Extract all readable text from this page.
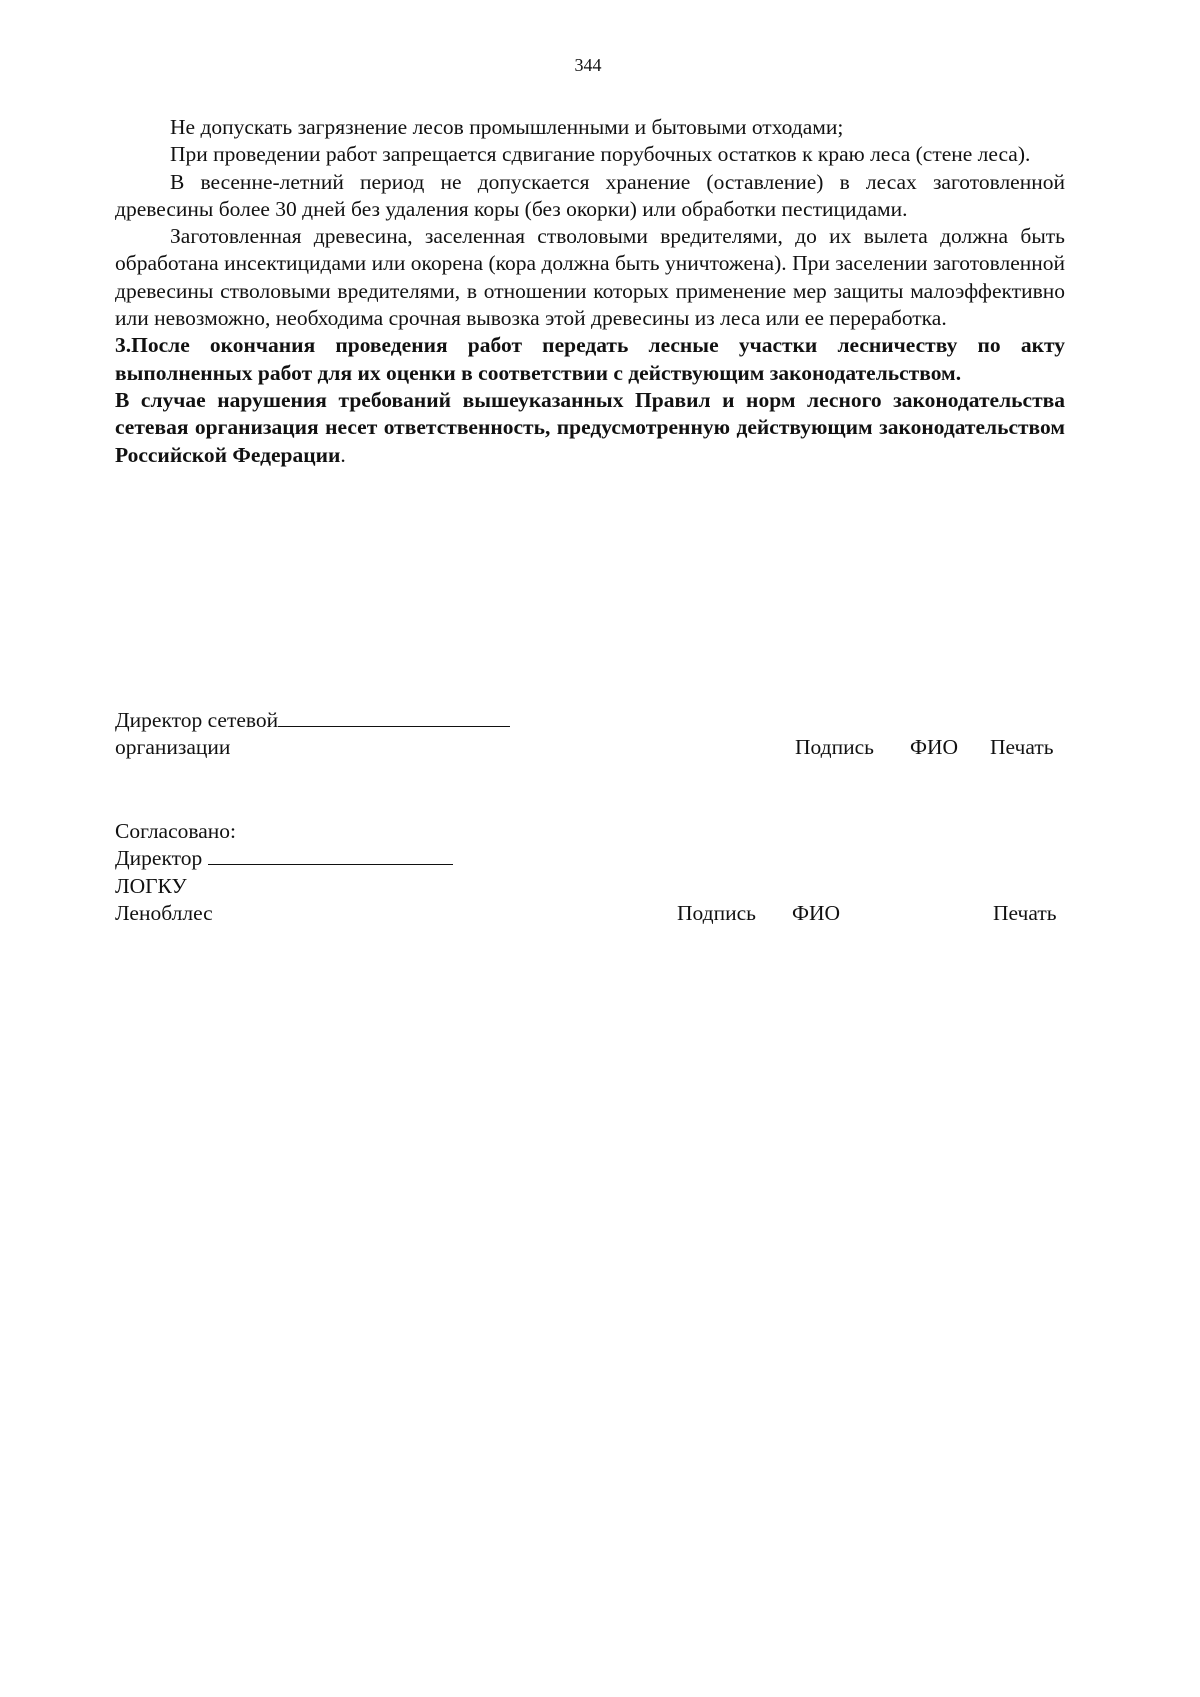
344

Не допускать загрязнение лесов промышленными и бытовыми отходами;

При проведении работ запрещается сдвигание порубочных остатков к краю леса (стене леса).

В весенне-летний период не допускается хранение (оставление) в лесах заготовленной древесины более 30 дней без удаления коры (без окорки) или обработки пестицидами.

Заготовленная древесина, заселенная стволовыми вредителями, до их вылета должна быть обработана инсектицидами или окорена (кора должна быть уничтожена). При заселении заготовленной древесины стволовыми вредителями, в отношении которых применение мер защиты малоэффективно или невозможно, необходима срочная вывозка этой древесины из леса или ее переработка.

3.После окончания проведения работ передать лесные участки лесничеству по акту выполненных работ для их оценки в соответствии с действующим законодательством.

В случае нарушения требований вышеуказанных Правил и норм лесного законодательства сетевая организация несет ответственность, предусмотренную действующим законодательством Российской Федерации.

Директор сетевой
организации	Подпись ФИО Печать
Согласовано:
Директор
ЛОГКУ
Ленобллес	Подпись ФИО	Печать
